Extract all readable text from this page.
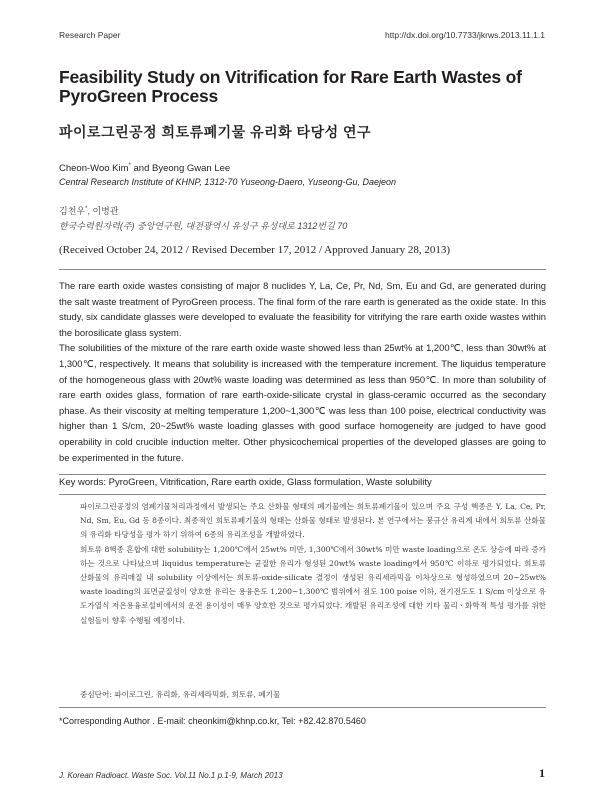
Research Paper	http://dx.doi.org/10.7733/jkrws.2013.11.1.1
Feasibility Study on Vitrification for Rare Earth Wastes of PyroGreen Process
파이로그린공정 희토류폐기물 유리화 타당성 연구
Cheon-Woo Kim* and Byeong Gwan Lee
Central Research Institute of KHNP, 1312-70 Yuseong-Daero, Yuseong-Gu, Daejeon
김천우*, 이병관
한국수력원자력(주) 중앙연구원, 대전광역시 유성구 유성대로 1312번길 70
(Received October 24, 2012 / Revised December 17, 2012 / Approved January 28, 2013)

The rare earth oxide wastes consisting of major 8 nuclides Y, La, Ce, Pr, Nd, Sm, Eu and Gd, are generated during the salt waste treatment of PyroGreen process. The final form of the rare earth is generated as the oxide state. In this study, six candidate glasses were developed to evaluate the feasibility for vitrifying the rare earth oxide wastes within the borosilicate glass system.

The solubilities of the mixture of the rare earth oxide waste showed less than 25wt% at 1,200℃, less than 30wt% at 1,300℃, respectively. It means that solubility is increased with the temperature increment. The liquidus temperature of the homogeneous glass with 20wt% waste loading was determined as less than 950℃. In more than solubility of rare earth oxides glass, formation of rare earth-oxide-silicate crystal in glass-ceramic occurred as the secondary phase. As their viscosity at melting temperature 1,200~1,300℃ was less than 100 poise, electrical conductivity was higher than 1 S/cm, 20~25wt% waste loading glasses with good surface homogeneity are judged to have good operability in cold crucible induction melter. Other physicochemical properties of the developed glasses are going to be experimented in the future.

Key words: PyroGreen, Vitrification, Rare earth oxide, Glass formulation, Waste solubility

파이로그린공정의 염폐기물처리과정에서 발생되는 주요 산화물 형태의 폐기물에는 희토류폐기물이 있으며 주요 구성 핵종은 Y, La, Ce, Pr, Nd, Sm, Eu, Gd 등 8종이다. 최종적인 희토류폐기물의 형태는 산화물 형태로 발생된다. 본 연구에서는 붕규산 유리계 내에서 희토류 산화물의 유리화 타당성을 평가 하기 위하여 6종의 유리조성을 개발하였다.

희토류 8핵종 혼합에 대한 solubility는 1,200℃에서 25wt% 미만, 1,300℃에서 30wt% 미만 waste loading으로 온도 상승에 따라 증가하는 것으로 나타났으며 liquidus temperature는 균질한 유리가 형성된 20wt% waste loading에서 950℃ 이하로 평가되었다. 희토류 산화물의 유리매질 내 solubility 이상에서는 희토류-oxide-silicate 결정이 생성된 유리세라믹을 이차상으로 형성하였으며 20~25wt% waste loading의 표면균질성이 양호한 유리는 용융온도 1,200~1,300℃ 범위에서 점도 100 poise 이하, 전기전도도 1 S/cm 이상으로 유도가열식 저온용융로설비에서의 운전 용이성이 매우 양호한 것으로 평가되었다. 개발된 유리조성에 대한 기타 물리ㆍ화학적 특성 평가를 위한 실험들이 향후 수행될 예정이다.

중심단어: 파이로그린, 유리화, 유리세라믹화, 희토류, 폐기물
*Corresponding Author . E-mail: cheonkim@khnp.co.kr, Tel: +82.42.870.5460
J. Korean Radioact. Waste Soc. Vol.11 No.1 p.1-9, March 2013	1
